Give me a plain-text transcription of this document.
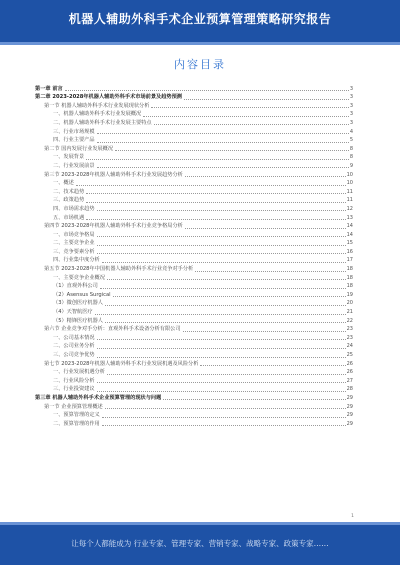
机器人辅助外科手术企业预算管理策略研究报告
内容目录
第一章 前言	3
第二章 2023-2028年机器人辅助外科手术市场前景及趋势预测	3
第一节 机器人辅助外科手术行业发展现状分析	3
一、机器人辅助外科手术行业发展概况	3
二、机器人辅助外科手术行业发展主要特点	3
三、行业市场规模	4
四、行业主要产品	5
第二节 国内发展行业发展概况	8
一、发展背景	8
二、行业发展前景	9
第三节 2023-2028年机器人辅助外科手术行业发展趋势分析	10
一、概述	10
二、技术趋势	11
三、政策趋势	11
四、市场需求趋势	12
五、市场机遇	13
第四节 2023-2028年机器人辅助外科手术行业竞争格局分析	14
一、市场竞争格局	14
二、主要竞争企业	15
三、竞争要素分析	16
四、行业集中度分析	17
第五节 2023-2028年中国机器人辅助外科手术行业竞争对手分析	18
一、主要竞争企业概况	18
（1）直观外科公司	18
（2）Asensus Surgical	19
（3）微创医疗机器人	20
（4）天智航医疗	21
（5）精锋医疗机器人	22
第六节 企业竞争对手分析：直观外科手术设备分析有限公司	23
一、公司基本情况	23
二、公司业务分析	24
三、公司竞争优势	25
第七节 2023-2028年机器人辅助外科手术行业发展机遇及风险分析	26
一、行业发展机遇分析	26
二、行业风险分析	27
三、行业投资建议	28
第三章 机器人辅助外科手术企业预算管理的现状与问题	29
第一节 企业预算管理概述	29
一、预算管理的定义	29
二、预算管理的作用	29
1
让每个人都能成为 行业专家、管理专家、营销专家、战略专家、政策专家……
